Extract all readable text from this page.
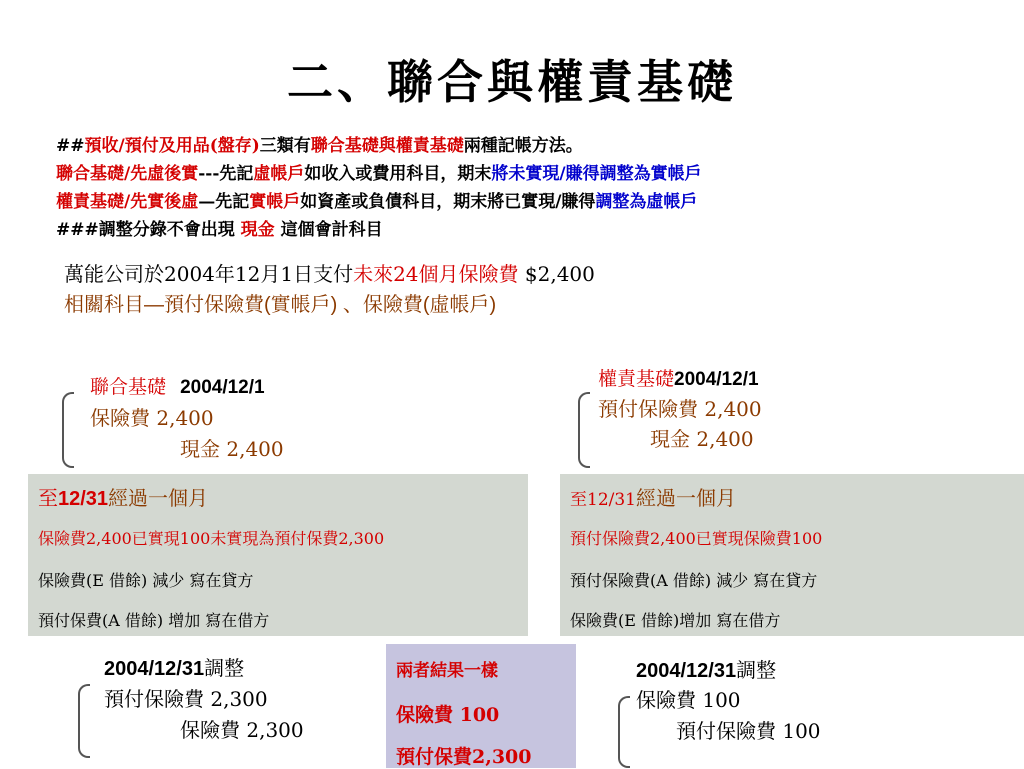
二、聯合與權責基礎
##預收/預付及用品(盤存)三類有聯合基礎與權責基礎兩種記帳方法。
聯合基礎/先虛後實---先記虛帳戶如收入或費用科目，期末將未實現/賺得調整為實帳戶
權責基礎/先實後虛—先記實帳戶如資產或負債科目，期末將已實現/賺得調整為虛帳戶
###調整分錄不會出現 現金 這個會計科目
萬能公司於2004年12月1日支付未來24個月保險費 $2,400
相關科目—預付保險費(實帳戶) 、保險費(虛帳戶)
聯合基礎 2004/12/1
保險費 2,400
現金 2,400
權責基礎2004/12/1
預付保險費 2,400
現金 2,400
至12/31經過一個月
保險費2,400已實現100未實現為預付保費2,300
保險費(E 借餘) 減少 寫在貸方
預付保費(A 借餘) 增加 寫在借方
至12/31經過一個月
預付保險費2,400已實現保險費100
預付保險費(A 借餘) 減少 寫在貸方
保險費(E 借餘)增加 寫在借方
2004/12/31調整
預付保險費 2,300
保險費 2,300
兩者結果一樣
保險費 100
預付保費2,300
2004/12/31調整
保險費 100
預付保險費 100
